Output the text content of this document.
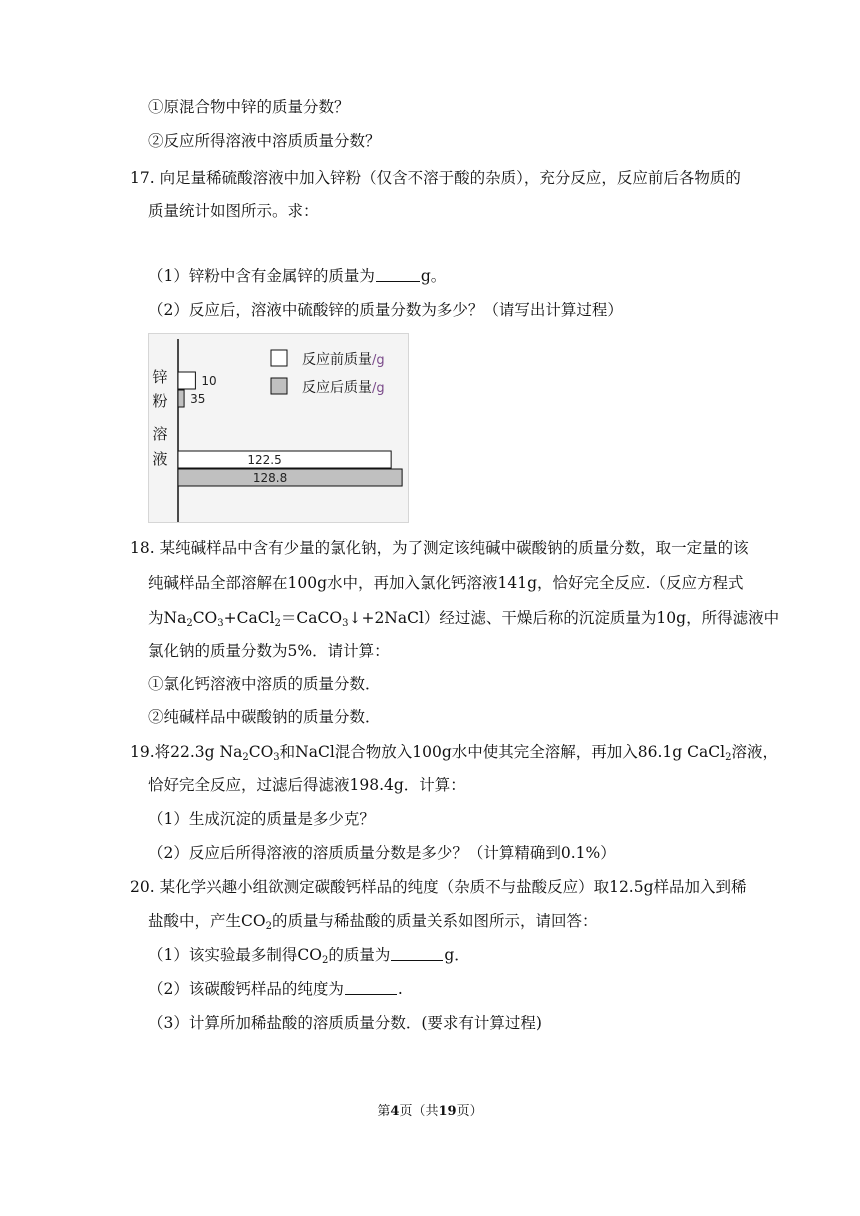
①原混合物中锌的质量分数？
②反应所得溶液中溶质质量分数？
17. 向足量稀硫酸溶液中加入锌粉（仅含不溶于酸的杂质），充分反应，反应前后各物质的
质量统计如图所示。求：
（1）锌粉中含有金属锌的质量为	g。
（2）反应后，溶液中硫酸锌的质量分数为多少？（请写出计算过程）
锌
粉
溶
液
10
35
122.5
128.8
反应前质量/g
反应后质量/g
18. 某纯碱样品中含有少量的氯化钠，为了测定该纯碱中碳酸钠的质量分数，取一定量的该
纯碱样品全部溶解在100g水中，再加入氯化钙溶液141g，恰好完全反应.（反应方程式
为$Na_2CO_3+CaCl_2=CaCO_3↓+2NaCl$）经过滤、干燥后称的沉淀质量为10g，所得滤液中
氯化钠的质量分数为5%．请计算：
①氯化钙溶液中溶质的质量分数．
②纯碱样品中碳酸钠的质量分数．
19.将22.3g $Na_2CO_3$和NaCl混合物放入100g水中使其完全溶解，再加入86.1g CaCl$_2$溶液，
恰好完全反应，过滤后得滤液198.4g．计算：
（1）生成沉淀的质量是多少克？
（2）反应后所得溶液的溶质质量分数是多少？（计算精确到0.1%）
20. 某化学兴趣小组欲测定碳酸钙样品的纯度（杂质不与盐酸反应）取12.5g样品加入到稀
盐酸中，产生$CO_2$的质量与稀盐酸的质量关系如图所示，请回答：
（1）该实验最多制得$CO_2$的质量为	g．
（2）该碳酸钙样品的纯度为	.
（3）计算所加稀盐酸的溶质质量分数．(要求有计算过程)
第4页（共19页）
